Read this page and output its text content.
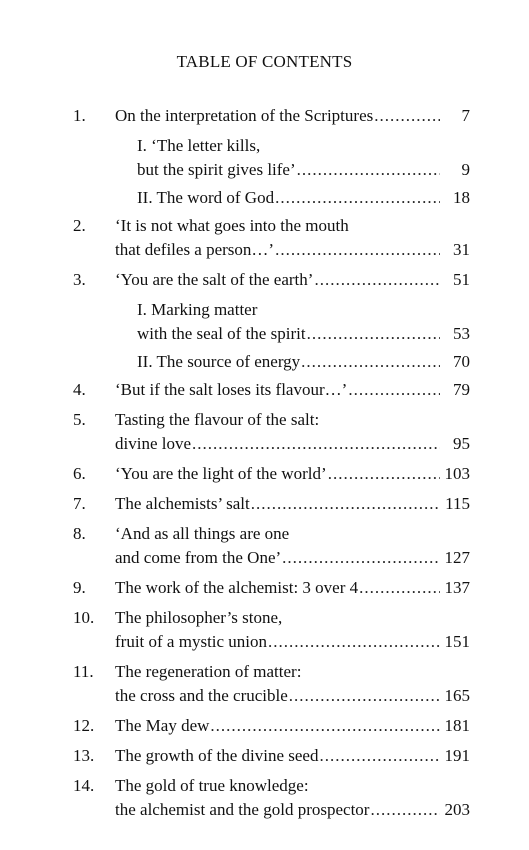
TABLE OF CONTENTS
1.	On the interpretation of the Scriptures .....	7
I. ‘The letter kills,
but the spirit gives life’ .....	9
II. The word of God .....	18
2.	‘It is not what goes into the mouth
that defiles a person…’ .....	31
3.	‘You are the salt of the earth’ .....	51
I. Marking matter
with the seal of the spirit .....	53
II. The source of energy .....	70
4.	‘But if the salt loses its flavour…’ .....	79
5.	Tasting the flavour of the salt:
divine love .....	95
6.	‘You are the light of the world’ .....	103
7.	The alchemists’ salt .....	115
8.	‘And as all things are one
and come from the One’ .....	127
9.	The work of the alchemist: 3 over 4 .....	137
10.	The philosopher’s stone,
fruit of a mystic union .....	151
11.	The regeneration of matter:
the cross and the crucible .....	165
12.	The May dew .....	181
13.	The growth of the divine seed .....	191
14.	The gold of true knowledge:
the alchemist and the gold prospector .....	203
